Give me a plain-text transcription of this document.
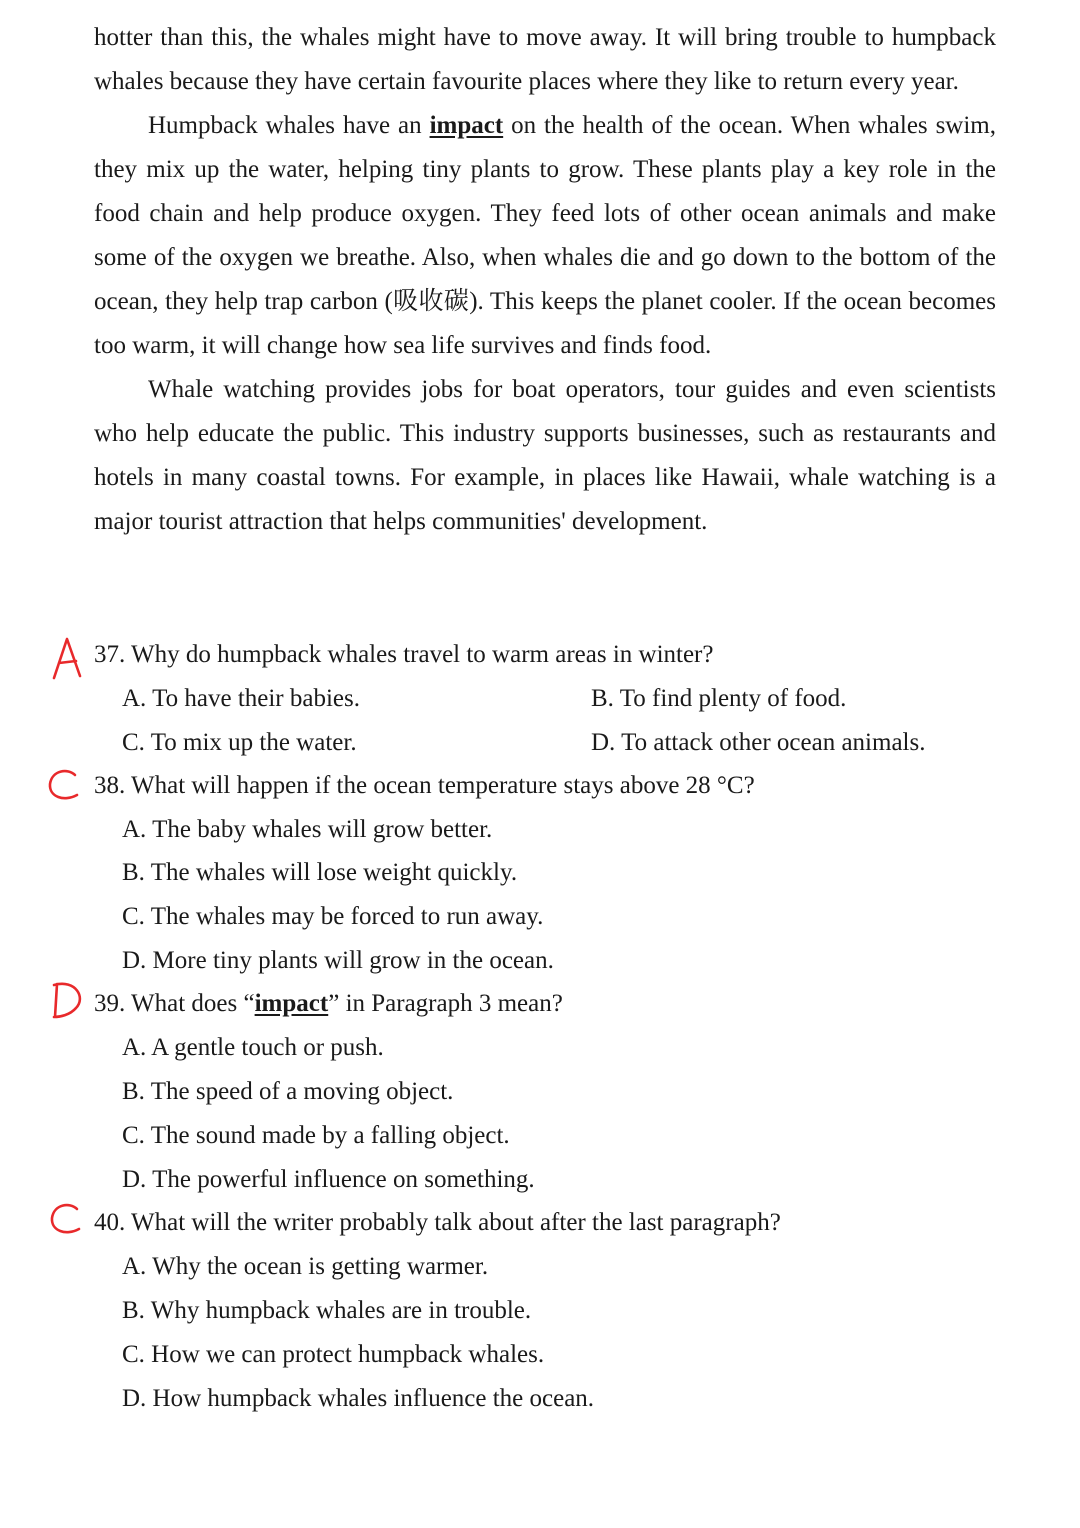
hotter than this, the whales might have to move away. It will bring trouble to humpback whales because they have certain favourite places where they like to return every year.

Humpback whales have an impact on the health of the ocean. When whales swim, they mix up the water, helping tiny plants to grow. These plants play a key role in the food chain and help produce oxygen. They feed lots of other ocean animals and make some of the oxygen we breathe. Also, when whales die and go down to the bottom of the ocean, they help trap carbon (吸收碳). This keeps the planet cooler. If the ocean becomes too warm, it will change how sea life survives and finds food.

Whale watching provides jobs for boat operators, tour guides and even scientists who help educate the public. This industry supports businesses, such as restaurants and hotels in many coastal towns. For example, in places like Hawaii, whale watching is a major tourist attraction that helps communities' development.

37. Why do humpback whales travel to warm areas in winter?
A. To have their babies.	B. To find plenty of food.
C. To mix up the water.	D. To attack other ocean animals.
38. What will happen if the ocean temperature stays above 28 °C?
A. The baby whales will grow better.
B. The whales will lose weight quickly.
C. The whales may be forced to run away.
D. More tiny plants will grow in the ocean.
39. What does “impact” in Paragraph 3 mean?
A. A gentle touch or push.
B. The speed of a moving object.
C. The sound made by a falling object.
D. The powerful influence on something.
40. What will the writer probably talk about after the last paragraph?
A. Why the ocean is getting warmer.
B. Why humpback whales are in trouble.
C. How we can protect humpback whales.
D. How humpback whales influence the ocean.
